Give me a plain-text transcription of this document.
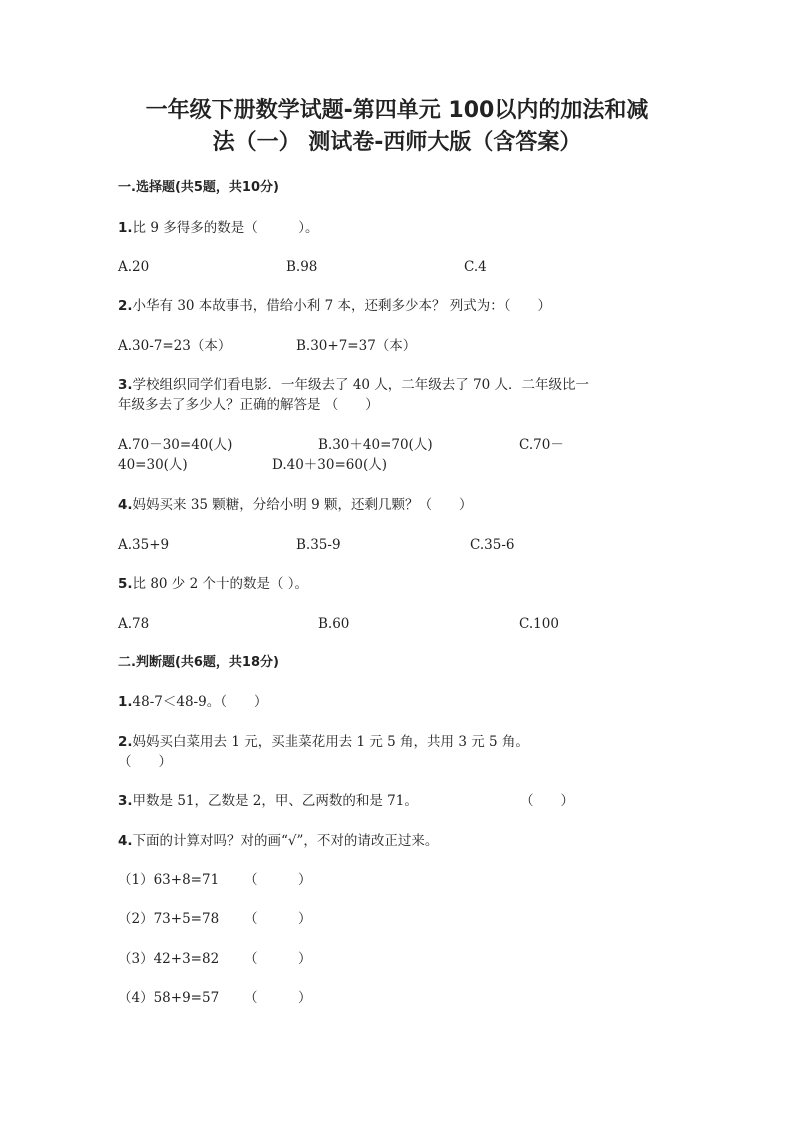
一年级下册数学试题-第四单元 100以内的加法和减
法（一） 测试卷-西师大版（含答案）
一.选择题(共5题，共10分)
1.比 9 多得多的数是（　　　）。
A.20	B.98	C.4
2.小华有 30 本故事书，借给小利 7 本，还剩多少本？ 列式为：（　　）
A.30-7=23（本）	B.30+7=37（本）
3.学校组织同学们看电影．一年级去了 40 人，二年级去了 70 人．二年级比一
年级多去了多少人？正确的解答是 （　　）
A.70－30=40(人)	B.30＋40=70(人)	C.70－
40=30(人)	D.40＋30=60(人)
4.妈妈买来 35 颗糖，分给小明 9 颗，还剩几颗？（　　）
A.35+9	B.35-9	C.35-6
5.比 80 少 2 个十的数是（ ）。
A.78	B.60	C.100
二.判断题(共6题，共18分)
1.48-7＜48-9。（　　）
2.妈妈买白菜用去 1 元，买韭菜花用去 1 元 5 角，共用 3 元 5 角。
（　　）
3.甲数是 51，乙数是 2，甲、乙两数的和是 71。	（　　）
4.下面的计算对吗？对的画“√”，不对的请改正过来。
（1）63+8=71 （　　　）
（2）73+5=78 （　　　）
（3）42+3=82 （　　　）
（4）58+9=57 （　　　）
